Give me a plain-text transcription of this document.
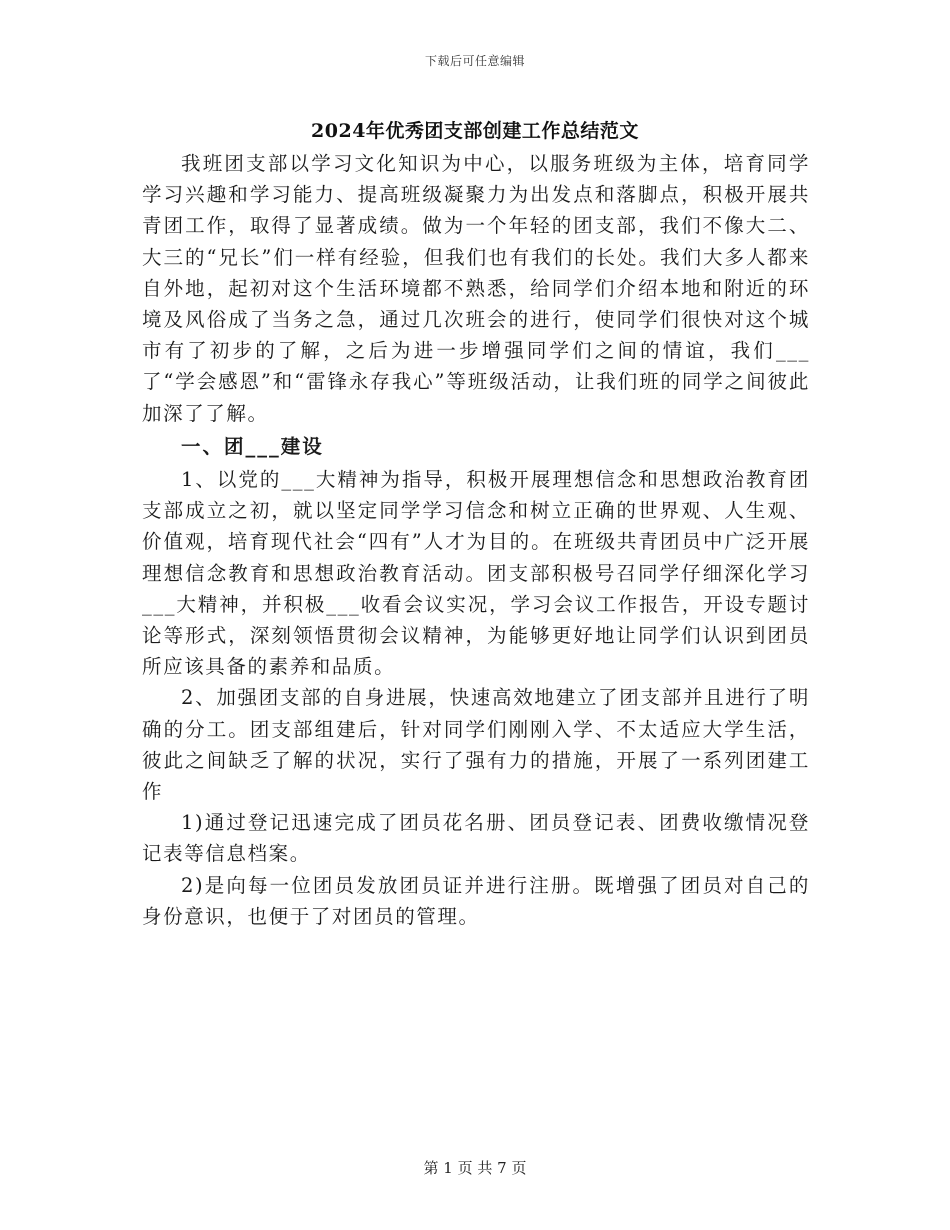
下载后可任意编辑
2024年优秀团支部创建工作总结范文

我班团支部以学习文化知识为中心，以服务班级为主体，培育同学学习兴趣和学习能力、提高班级凝聚力为出发点和落脚点，积极开展共青团工作，取得了显著成绩。做为一个年轻的团支部，我们不像大二、大三的“兄长”们一样有经验，但我们也有我们的长处。我们大多人都来自外地，起初对这个生活环境都不熟悉，给同学们介绍本地和附近的环境及风俗成了当务之急，通过几次班会的进行，使同学们很快对这个城市有了初步的了解，之后为进一步增强同学们之间的情谊，我们___了“学会感恩”和“雷锋永存我心”等班级活动，让我们班的同学之间彼此加深了了解。

一、团___建设

1、以党的___大精神为指导，积极开展理想信念和思想政治教育团支部成立之初，就以坚定同学学习信念和树立正确的世界观、人生观、价值观，培育现代社会“四有”人才为目的。在班级共青团员中广泛开展理想信念教育和思想政治教育活动。团支部积极号召同学仔细深化学习___大精神，并积极___收看会议实况，学习会议工作报告，开设专题讨论等形式，深刻领悟贯彻会议精神，为能够更好地让同学们认识到团员所应该具备的素养和品质。

2、加强团支部的自身进展，快速高效地建立了团支部并且进行了明确的分工。团支部组建后，针对同学们刚刚入学、不太适应大学生活，彼此之间缺乏了解的状况，实行了强有力的措施，开展了一系列团建工作

1)通过登记迅速完成了团员花名册、团员登记表、团费收缴情况登记表等信息档案。

2)是向每一位团员发放团员证并进行注册。既增强了团员对自己的身份意识，也便于了对团员的管理。

第 1 页 共 7 页
